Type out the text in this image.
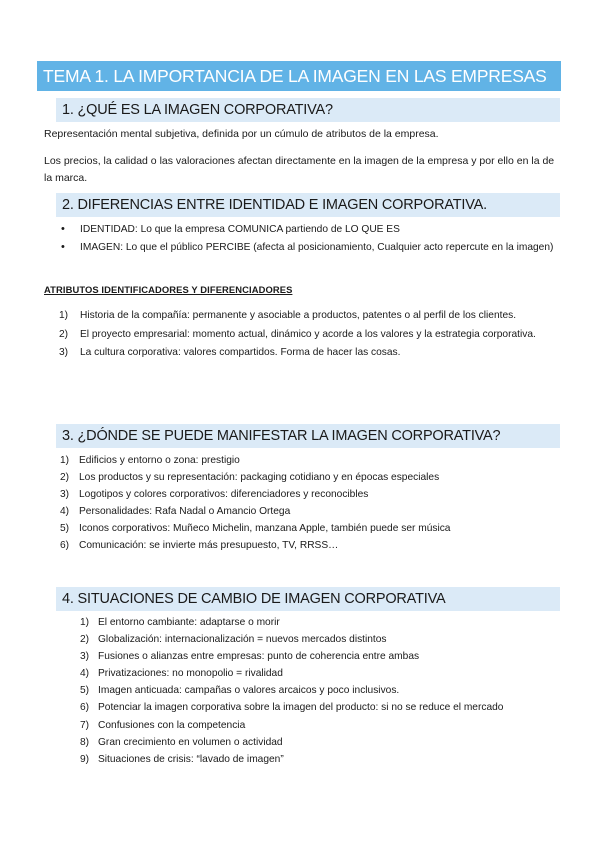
TEMA 1. LA IMPORTANCIA DE LA IMAGEN EN LAS EMPRESAS
1. ¿QUÉ ES LA IMAGEN CORPORATIVA?
Representación mental subjetiva, definida por un cúmulo de atributos de la empresa.
Los precios, la calidad o las valoraciones afectan directamente en la imagen de la empresa y por ello en la de la marca.
2. DIFERENCIAS ENTRE IDENTIDAD E IMAGEN CORPORATIVA.
• IDENTIDAD: Lo que la empresa COMUNICA partiendo de LO QUE ES
• IMAGEN: Lo que el público PERCIBE (afecta al posicionamiento, Cualquier acto repercute en la imagen)
ATRIBUTOS IDENTIFICADORES Y DIFERENCIADORES
1) Historia de la compañía: permanente y asociable a productos, patentes o al perfil de los clientes.
2) El proyecto empresarial: momento actual, dinámico y acorde a los valores y la estrategia corporativa.
3) La cultura corporativa: valores compartidos. Forma de hacer las cosas.
3. ¿DÓNDE SE PUEDE MANIFESTAR LA IMAGEN CORPORATIVA?
1) Edificios y entorno o zona: prestigio
2) Los productos y su representación: packaging cotidiano y en épocas especiales
3) Logotipos y colores corporativos: diferenciadores y reconocibles
4) Personalidades: Rafa Nadal o Amancio Ortega
5) Iconos corporativos: Muñeco Michelin, manzana Apple, también puede ser música
6) Comunicación: se invierte más presupuesto, TV, RRSS…
4. SITUACIONES DE CAMBIO DE IMAGEN CORPORATIVA
1) El entorno cambiante: adaptarse o morir
2) Globalización: internacionalización = nuevos mercados distintos
3) Fusiones o alianzas entre empresas: punto de coherencia entre ambas
4) Privatizaciones: no monopolio = rivalidad
5) Imagen anticuada: campañas o valores arcaicos y poco inclusivos.
6) Potenciar la imagen corporativa sobre la imagen del producto: si no se reduce el mercado
7) Confusiones con la competencia
8) Gran crecimiento en volumen o actividad
9) Situaciones de crisis: “lavado de imagen”
